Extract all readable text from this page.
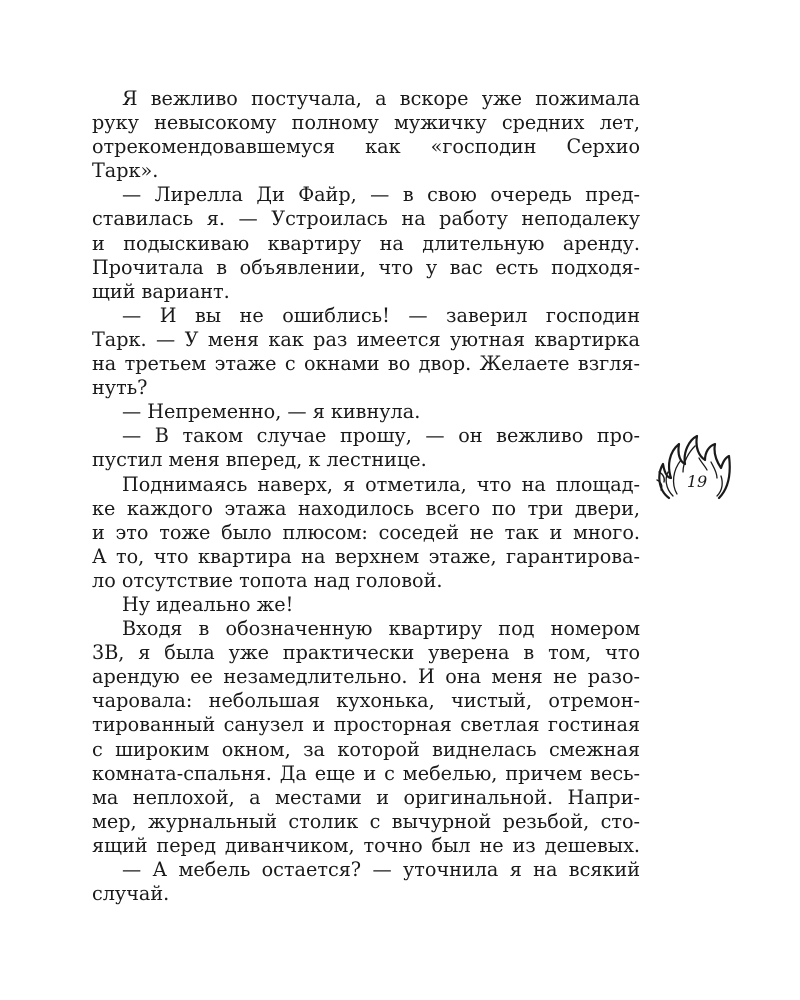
Я вежливо постучала, а вскоре уже пожимала
руку невысокому полному мужичку средних лет,
отрекомендовавшемуся как «господин Серхио
Тарк».
— Лирелла Ди Файр, — в свою очередь пред-
ставилась я. — Устроилась на работу неподалеку
и подыскиваю квартиру на длительную аренду.
Прочитала в объявлении, что у вас есть подходя-
щий вариант.
— И вы не ошиблись! — заверил господин
Тарк. — У меня как раз имеется уютная квартирка
на третьем этаже с окнами во двор. Желаете взгля-
нуть?
— Непременно, — я кивнула.
— В таком случае прошу, — он вежливо про-
пустил меня вперед, к лестнице.
Поднимаясь наверх, я отметила, что на площад-
ке каждого этажа находилось всего по три двери,
и это тоже было плюсом: соседей не так и много.
А то, что квартира на верхнем этаже, гарантирова-
ло отсутствие топота над головой.
Ну идеально же!
Входя в обозначенную квартиру под номером
3В, я была уже практически уверена в том, что
арендую ее незамедлительно. И она меня не разо-
чаровала: небольшая кухонька, чистый, отремон-
тированный санузел и просторная светлая гостиная
с широким окном, за которой виднелась смежная
комната-спальня. Да еще и с мебелью, причем весь-
ма неплохой, а местами и оригинальной. Напри-
мер, журнальный столик с вычурной резьбой, сто-
ящий перед диванчиком, точно был не из дешевых.
— А мебель остается? — уточнила я на всякий
случай.
19
